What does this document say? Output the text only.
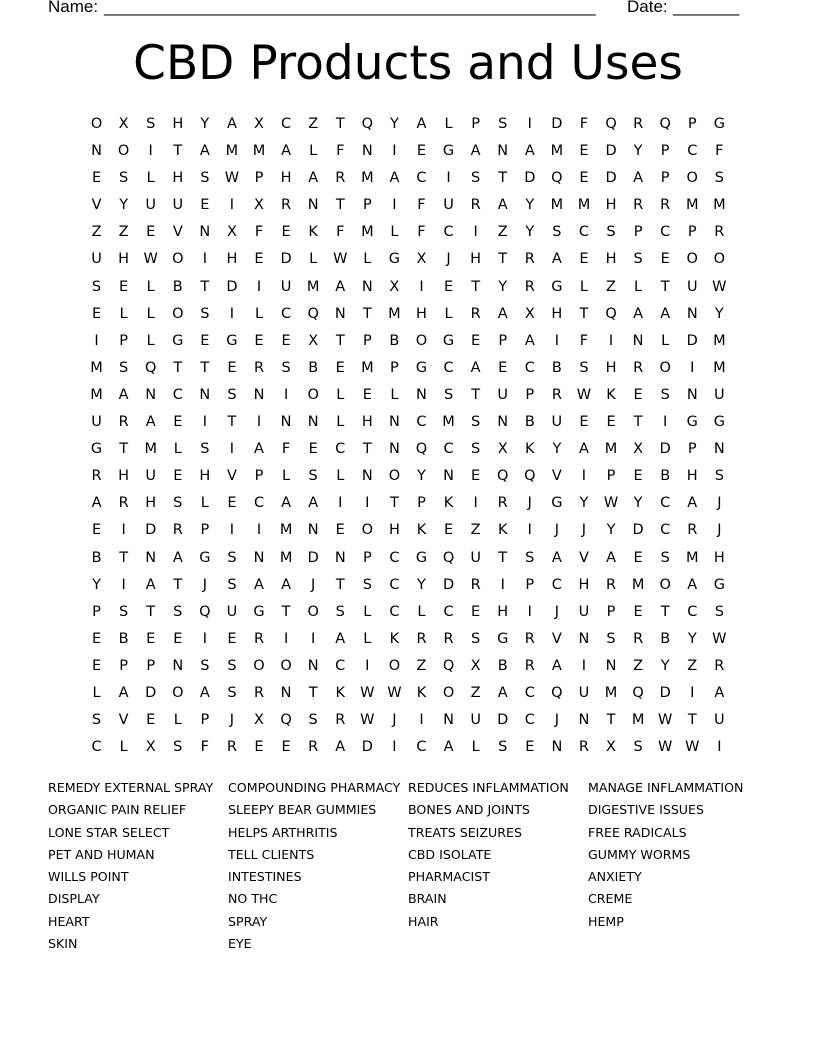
Name: ____________________________________________________ Date: _______
CBD Products and Uses
O	X	S	H	Y	A	X	C	Z	T	Q	Y	A	L	P	S	I	D	F	Q	R	Q	P	G
N	O	I	T	A	M	M	A	L	F	N	I	E	G	A	N	A	M	E	D	Y	P	C	F
E	S	L	H	S	W	P	H	A	R	M	A	C	I	S	T	D	Q	E	D	A	P	O	S
V	Y	U	U	E	I	X	R	N	T	P	I	F	U	R	A	Y	M	M	H	R	R	M	M
Z	Z	E	V	N	X	F	E	K	F	M	L	F	C	I	Z	Y	S	C	S	P	C	P	R
U	H W O	I	H	E	D	L	W	L	G	X	J	H	T	R	A	E	H	S	E	O	O
S	E	L	B	T	D	I	U	M	A	N	X	I	E	T	Y	R	G	L	Z	L	T	U	W
E	L	L	O	S	I	L	C	Q	N	T	M	H	L	R	A	X	H	T	Q	A	A	N	Y
I	P	L	G	E	G	E	E	X	T	P	B	O	G	E	P	A	I	F	I	N	L	D	M
M	S	Q	T	T	E	R	S	B	E	M	P	G	C	A	E	C	B	S	H	R	O	I	M
M	A	N	C	N	S	N	I	O	L	E	L	N	S	T	U	P	R	W	K	E	S	N	U
U	R	A	E	I	T	I	N	N	L	H	N	C	M	S	N	B	U	E	E	T	I	G	G
G	T	M	L	S	I	A	F	E	C	T	N	Q	C	S	X	K	Y	A	M	X	D	P	N
R	H	U	E	H	V	P	L	S	L	N	O	Y	N	E	Q	Q	V	I	P	E	B	H	S
A	R	H	S	L	E	C	A	A	I	I	T	P	K	I	R	J	G	Y	W	Y	C	A	J
E	I	D	R	P	I	I	M	N	E	O	H	K	E	Z	K	I	J	J	Y	D	C	R	J
B	T	N	A	G	S	N	M	D	N	P	C	G	Q	U	T	S	A	V	A	E	S	M	H
Y	I	A	T	J	S	A	A	J	T	S	C	Y	D	R	I	P	C	H	R	M	O	A	G
P	S	T	S	Q	U	G	T	O	S	L	C	L	C	E	H	I	J	U	P	E	T	C	S
E	B	E	E	I	E	R	I	I	A	L	K	R	R	S	G	R	V	N	S	R	B	Y	W
E	P	P	N	S	S	O	O	N	C	I	O	Z	Q	X	B	R	A	I	N	Z	Y	Z	R
L	A	D	O	A	S	R	N	T	K	W W	K	O	Z	A	C	Q	U	M	Q	D	I	A
S	V	E	L	P	J	X	Q	S	R	W	J	I	N	U	D	C	J	N	T	M W	T	U
C	L	X	S	F	R	E	E	R	A	D	I	C	A	L	S	E	N	R	X	S	W W	I
REMEDY EXTERNAL SPRAY
ORGANIC PAIN RELIEF
LONE STAR SELECT
PET AND HUMAN
WILLS POINT
DISPLAY
HEART
SKIN
COMPOUNDING PHARMACY
SLEEPY BEAR GUMMIES
HELPS ARTHRITIS
TELL CLIENTS
INTESTINES
NO THC
SPRAY
EYE
REDUCES INFLAMMATION
BONES AND JOINTS
TREATS SEIZURES
CBD ISOLATE
PHARMACIST
BRAIN
HAIR
MANAGE INFLAMMATION
DIGESTIVE ISSUES
FREE RADICALS
GUMMY WORMS
ANXIETY
CREME
HEMP
